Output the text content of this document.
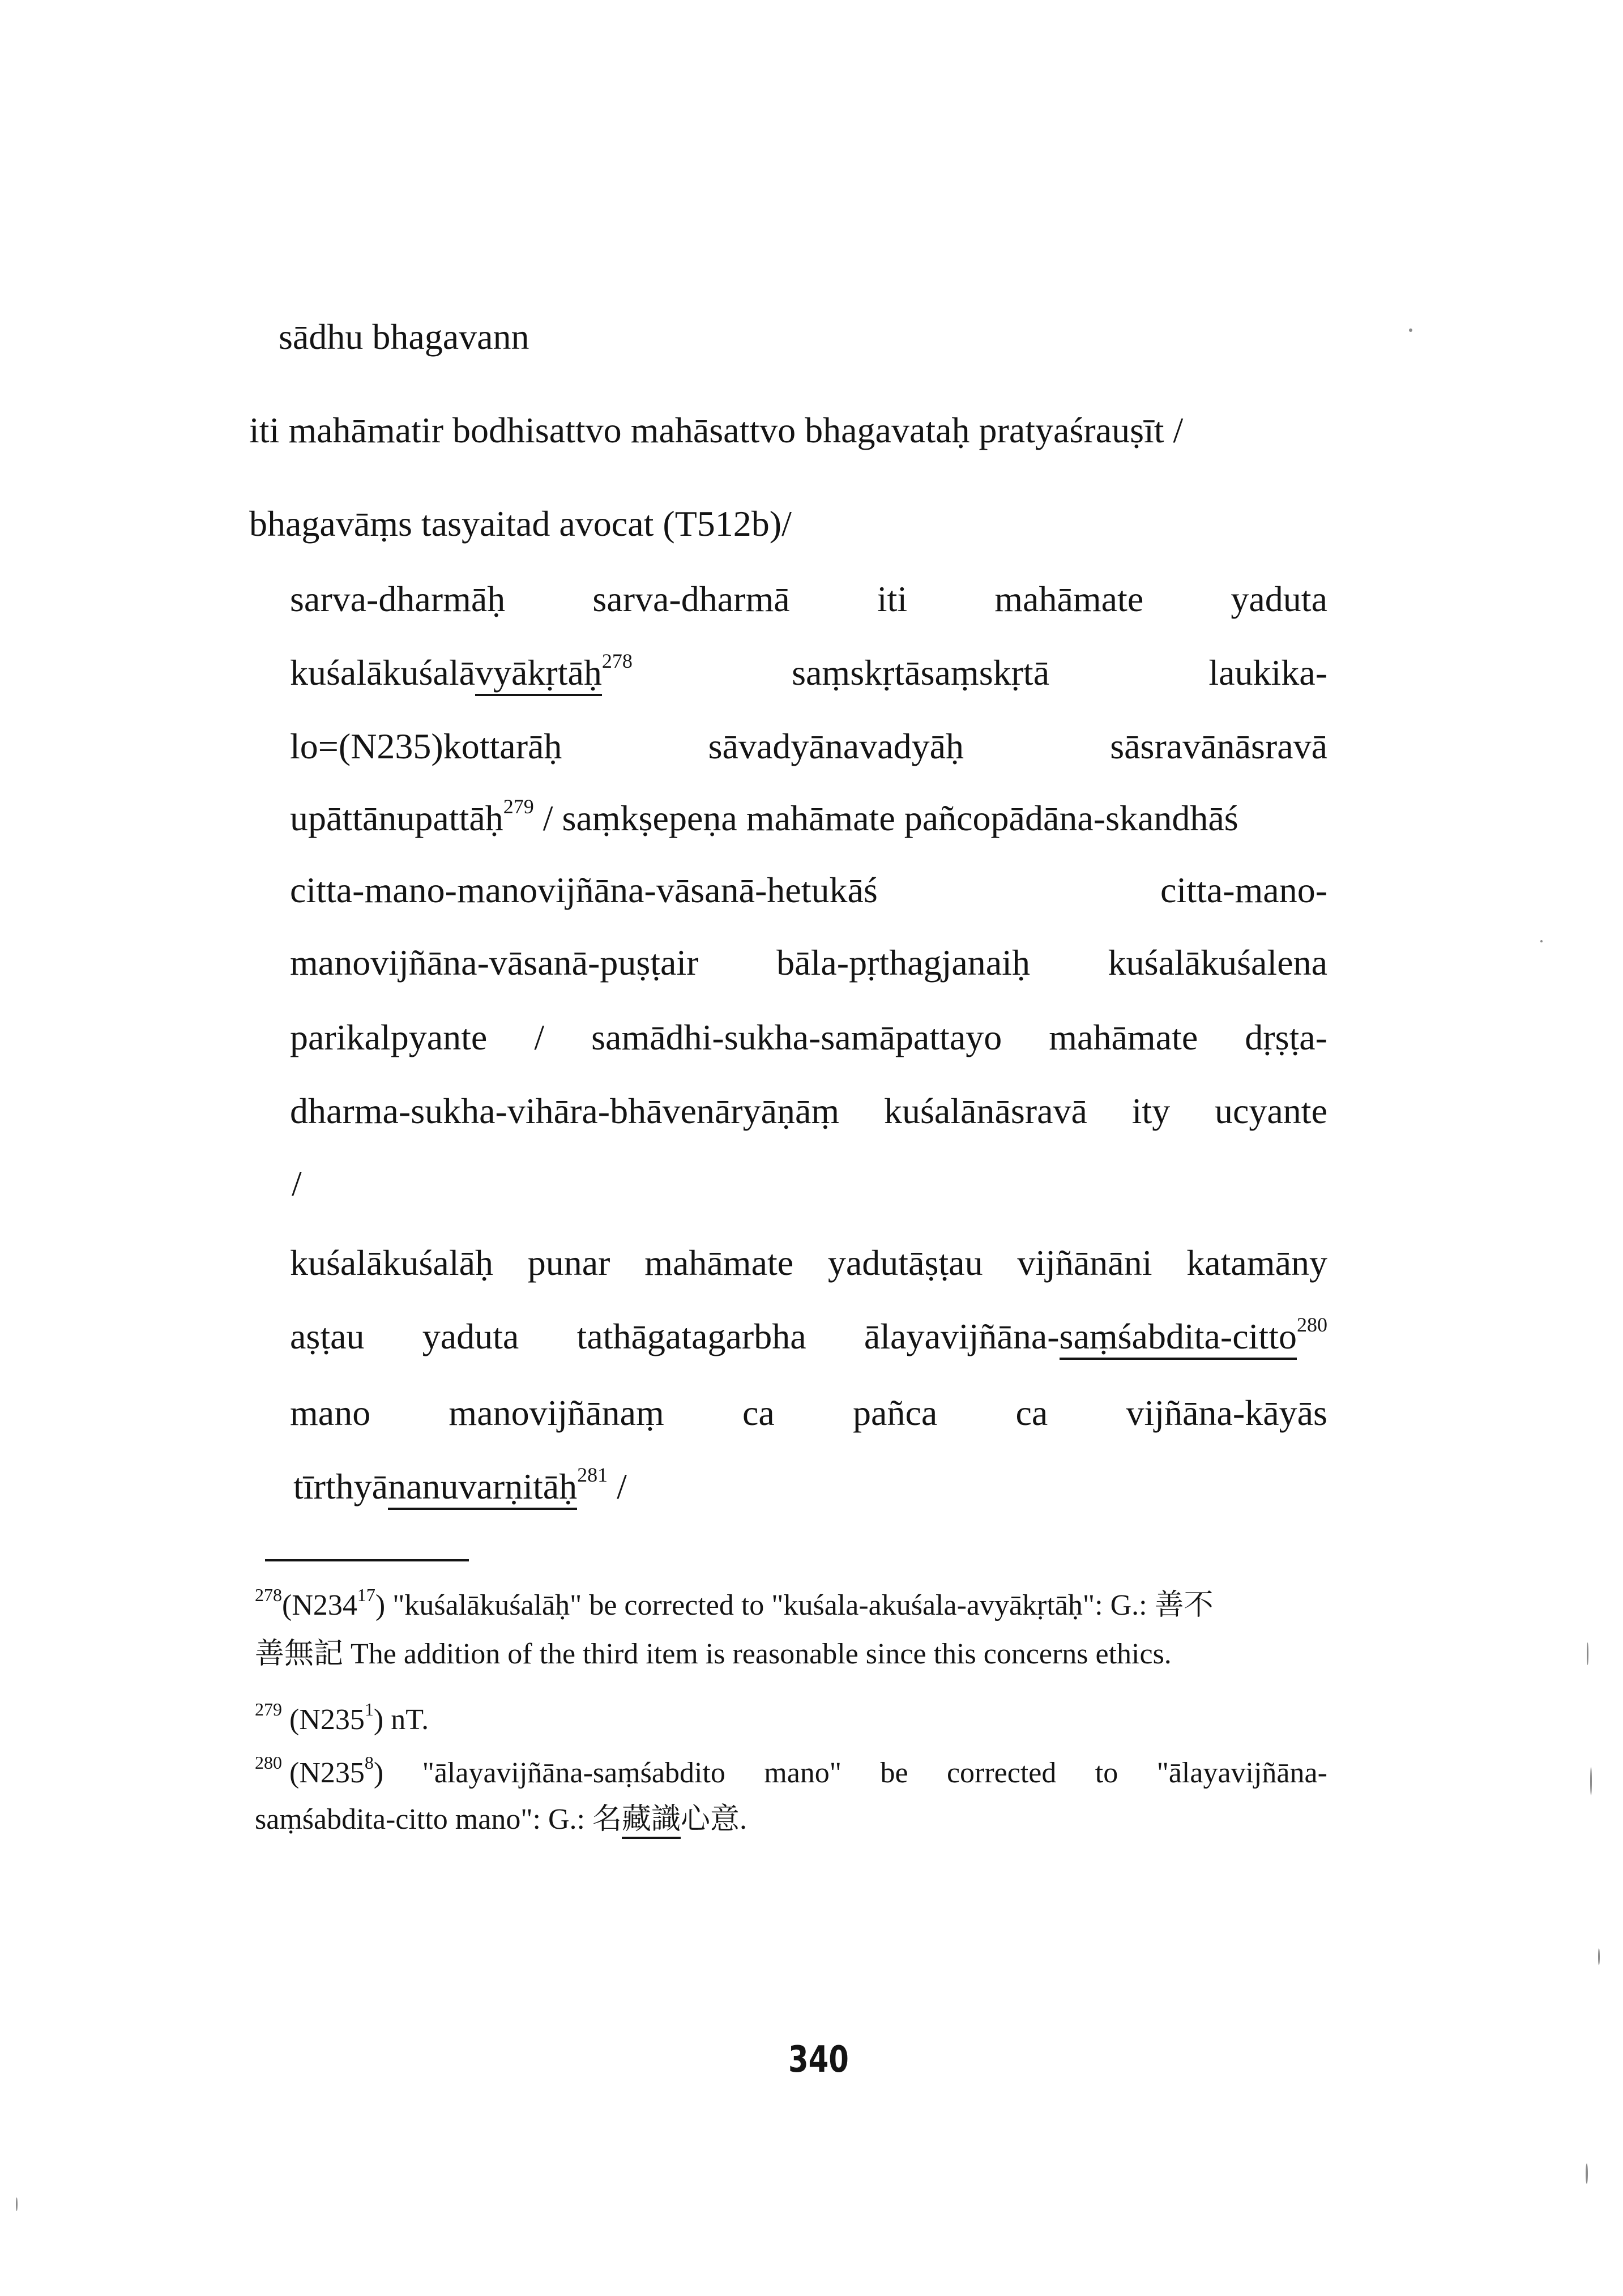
sādhu bhagavann
iti mahāmatir bodhisattvo mahāsattvo bhagavataḥ pratyaśrauṣīt /
bhagavāṃs tasyaitad avocat (T512b)/
sarva-dharmāḥ sarva-dharmā iti mahāmate yaduta
kuśalākuśalāvyākṛtāḥ$^{278}$	saṃskṛtāsaṃskṛtā	laukika-
lo=(N235)kottarāḥ	sāvadyānavadyāḥ	sāsravānāsravā
upāttānupattāḥ$^{279}$ / saṃkṣepeṇa mahāmate pañcopādāna-skandhāś
citta-mano-manovijñāna-vāsanā-hetukāś	citta-mano-
manovijñāna-vāsanā-puṣṭair bāla-pṛthagjanaiḥ kuśalākuśalena
parikalpyante / samādhi-sukha-samāpattayo mahāmate dṛṣṭa-
dharma-sukha-vihāra-bhāvenāryāṇāṃ kuśalānāsravā ity ucyante
/
kuśalākuśalāḥ punar mahāmate yadutāṣṭau vijñānāni katamāny
aṣṭau yaduta tathāgatagarbha ālayavijñāna-saṃśabdita-citto$^{280}$
mano manovijñānaṃ ca pañca ca vijñāna-kāyās
tīrthyānanuvarṇitāḥ$^{281}$ /
$^{278}(N234^{17})$ "kuśalākuśalāḥ" be corrected to "kuśala-akuśala-avyākṛtāḥ": G.: 善不
善無記 The addition of the third item is reasonable since this concerns ethics.
$^{279}$ $(N235^1)$ nT.
$^{280}$ $(N235^8)$ "ālayavijñāna-saṃśabdito mano" be corrected to "ālayavijñāna-
saṃśabdita-citto mano": G.: 名藏識心意.
340
